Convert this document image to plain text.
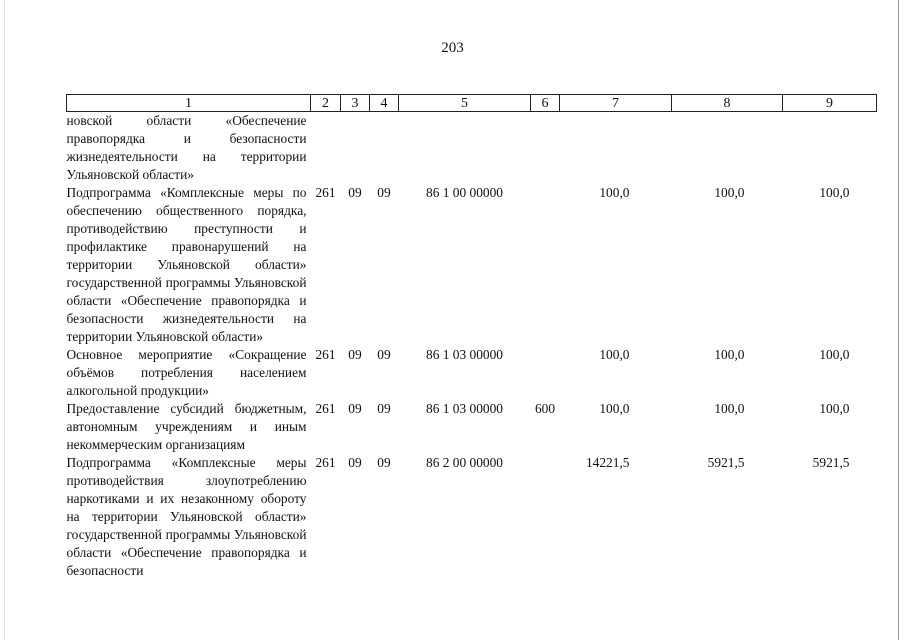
203
1	2	3	4	5	6	7	8	9
новской области «Обеспечение правопорядка и безопасности жизнедеятельности на территории Ульяновской области»								
Подпрограмма «Комплексные меры по обеспечению общественного порядка, противодействию преступности и профилактике правонарушений на территории Ульяновской области» государственной программы Ульяновской области «Обеспечение правопорядка и безопасности жизнедеятельности на территории Ульяновской области»	261	09	09	86 1 00 00000		100,0	100,0	100,0
Основное мероприятие «Сокращение объёмов потребления населением алкогольной продукции»	261	09	09	86 1 03 00000		100,0	100,0	100,0
Предоставление субсидий бюджетным, автономным учреждениям и иным некоммерческим организациям	261	09	09	86 1 03 00000	600	100,0	100,0	100,0
Подпрограмма «Комплексные меры противодействия злоупотреблению наркотиками и их незаконному обороту на территории Ульяновской области» государственной программы Ульяновской области «Обеспечение правопорядка и безопасности	261	09	09	86 2 00 00000		14221,5	5921,5	5921,5
